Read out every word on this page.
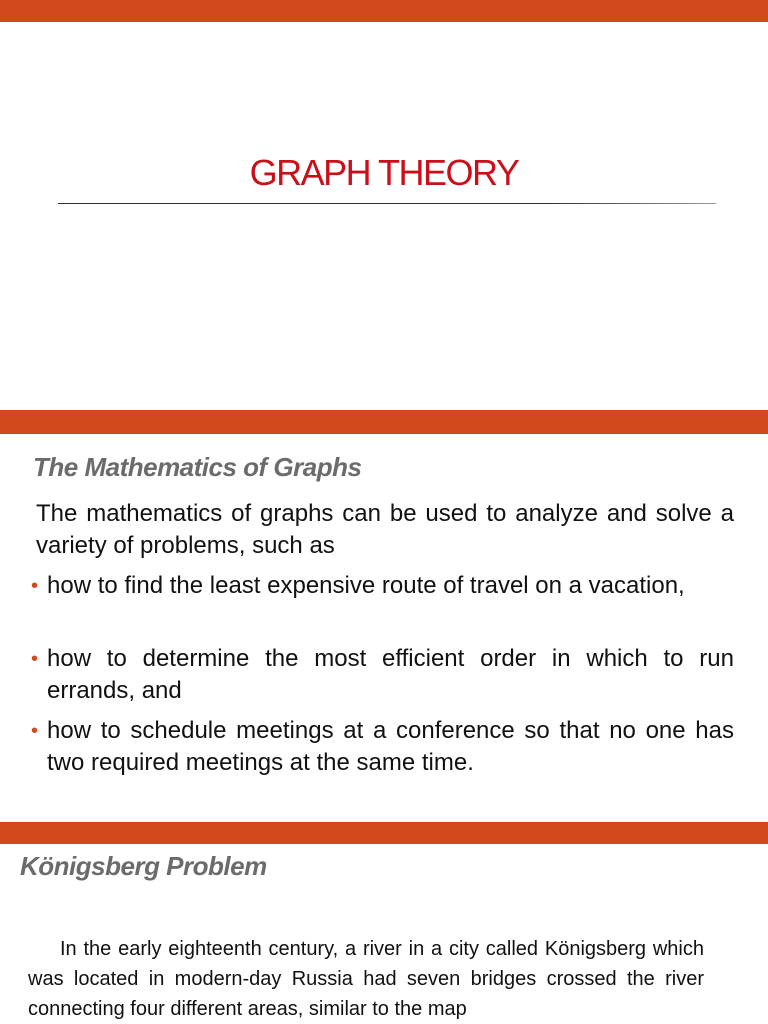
GRAPH THEORY
The Mathematics of Graphs
The mathematics of graphs can be used to analyze and solve a variety of problems, such as
• how to find the least expensive route of travel on a vacation,
• how to determine the most efficient order in which to run errands, and
• how to schedule meetings at a conference so that no one has two required meetings at the same time.
Königsberg Problem
In the early eighteenth century, a river in a city called Königsberg which was located in modern-day Russia had seven bridges crossed the river connecting four different areas, similar to the map
